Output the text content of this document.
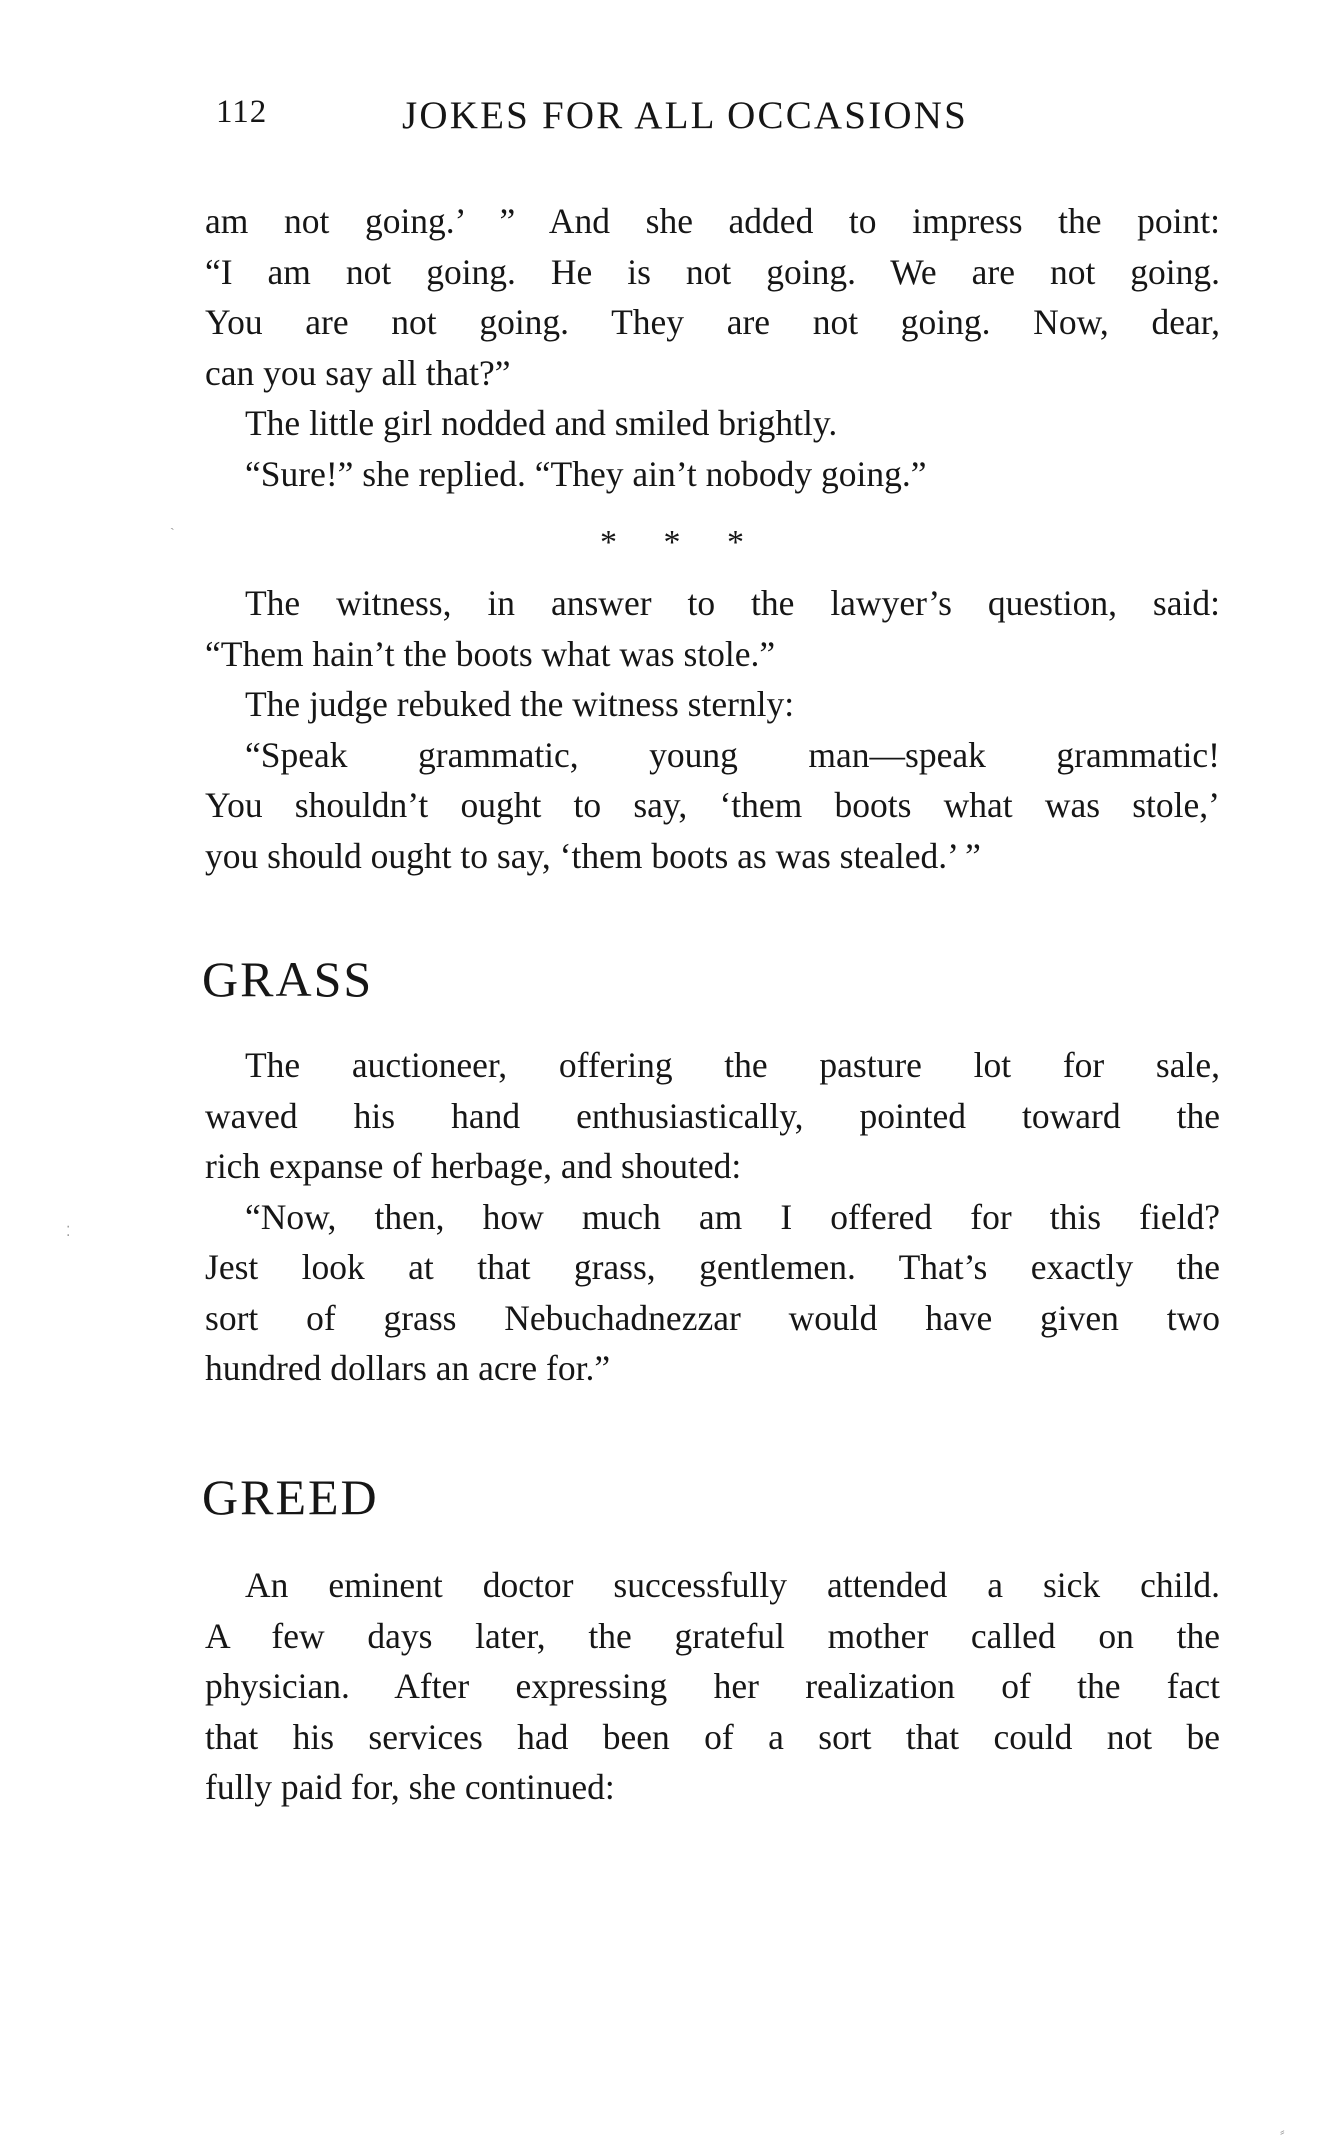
112	JOKES FOR ALL OCCASIONS
am not going.’ ” And she added to impress the point:
“I am not going. He is not going. We are not going.
You are not going. They are not going. Now, dear,
can you say all that?”
The little girl nodded and smiled brightly.
“Sure!” she replied. “They ain’t nobody going.”
* * *
The witness, in answer to the lawyer’s question, said:
“Them hain’t the boots what was stole.”
The judge rebuked the witness sternly:
“Speak grammatic, young man—speak grammatic!
You shouldn’t ought to say, ‘them boots what was stole,’
you should ought to say, ‘them boots as was stealed.’ ”
GRASS
The auctioneer, offering the pasture lot for sale,
waved his hand enthusiastically, pointed toward the
rich expanse of herbage, and shouted:
“Now, then, how much am I offered for this field?
Jest look at that grass, gentlemen. That’s exactly the
sort of grass Nebuchadnezzar would have given two
hundred dollars an acre for.”
GREED
An eminent doctor successfully attended a sick child.
A few days later, the grateful mother called on the
physician. After expressing her realization of the fact
that his services had been of a sort that could not be
fully paid for, she continued:
ˏ
⁚
⸗
